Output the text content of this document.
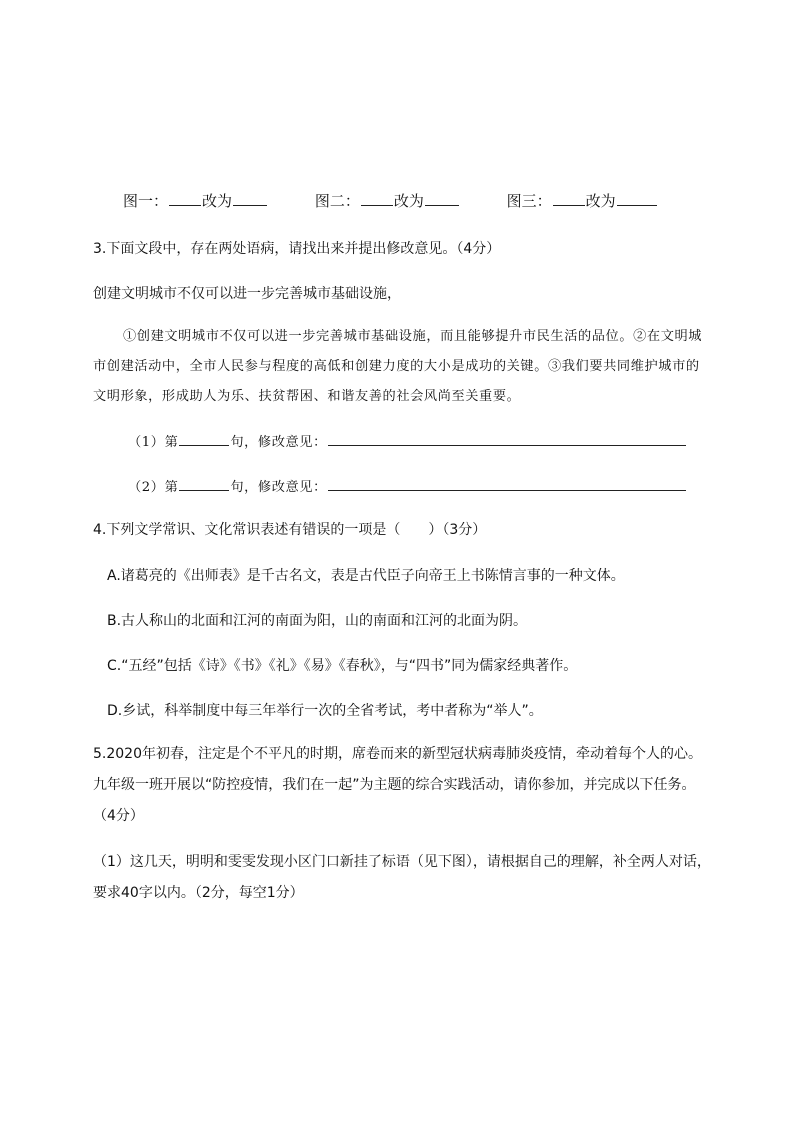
图一： 改为	图二： 改为	图三： 改为
3.下面文段中，存在两处语病，请找出来并提出修改意见。（4分）
创建文明城市不仅可以进一步完善城市基础设施，
①创建文明城市不仅可以进一步完善城市基础设施，而且能够提升市民生活的品位。②在文明城
市创建活动中，全市人民参与程度的高低和创建力度的大小是成功的关键。③我们要共同维护城市的
文明形象，形成助人为乐、扶贫帮困、和谐友善的社会风尚至关重要。
（1）第	句，修改意见：
（2）第	句，修改意见：
4.下列文学常识、文化常识表述有错误的一项是（　　）（3分）
A.诸葛亮的《出师表》是千古名文，表是古代臣子向帝王上书陈情言事的一种文体。
B.古人称山的北面和江河的南面为阳，山的南面和江河的北面为阴。
C.“五经”包括《诗》《书》《礼》《易》《春秋》，与“四书”同为儒家经典著作。
D.乡试，科举制度中每三年举行一次的全省考试，考中者称为“举人”。
5.2020年初春，注定是个不平凡的时期，席卷而来的新型冠状病毒肺炎疫情，牵动着每个人的心。
九年级一班开展以“防控疫情，我们在一起”为主题的综合实践活动，请你参加，并完成以下任务。
（4分）
（1）这几天，明明和雯雯发现小区门口新挂了标语（见下图），请根据自己的理解，补全两人对话，
要求40字以内。（2分，每空1分）
